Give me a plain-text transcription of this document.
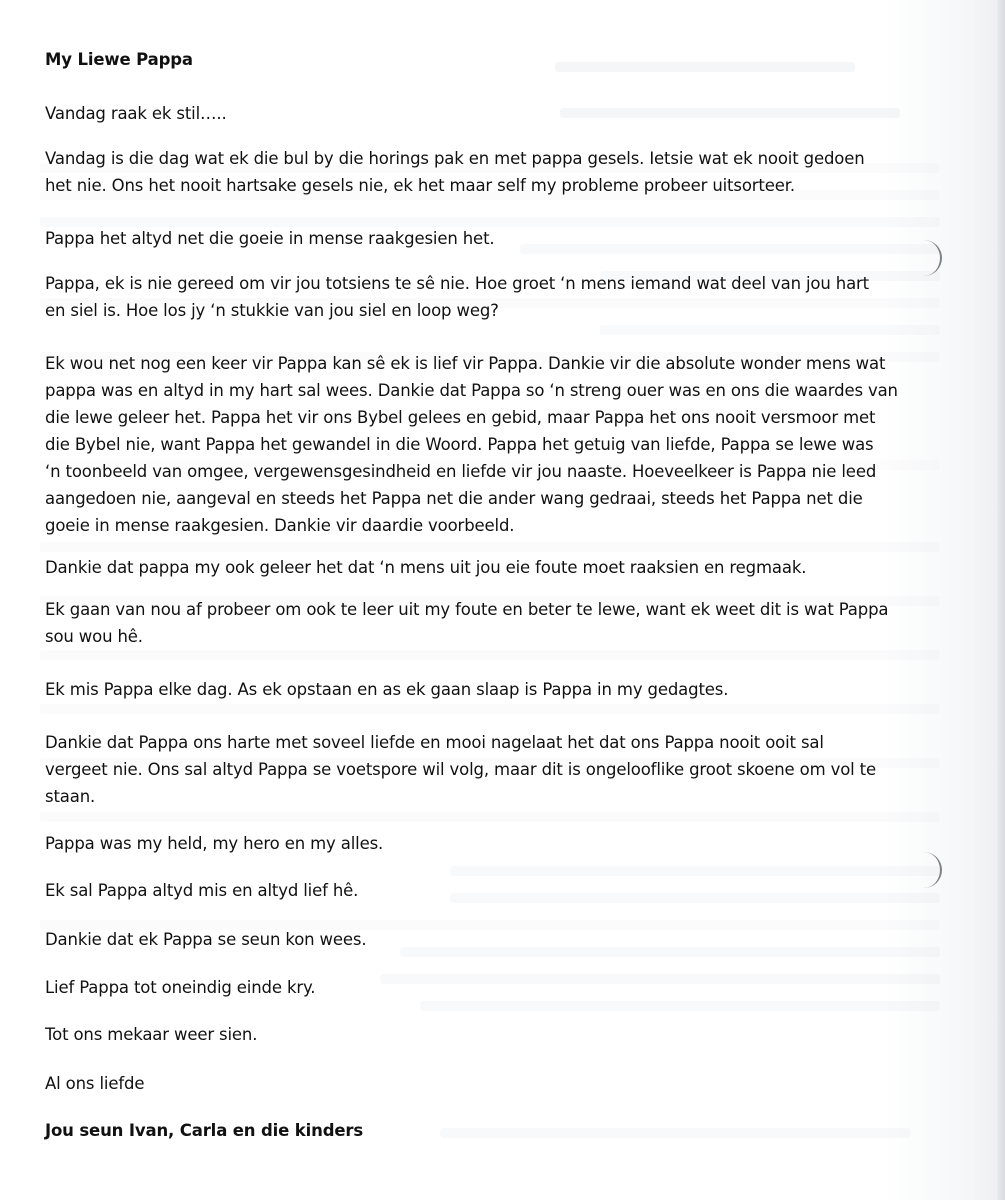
My Liewe Pappa
Vandag raak ek stil…..
Vandag is die dag wat ek die bul by die horings pak en met pappa gesels. Ietsie wat ek nooit gedoen
het nie. Ons het nooit hartsake gesels nie, ek het maar self my probleme probeer uitsorteer.
Pappa het altyd net die goeie in mense raakgesien het.
Pappa, ek is nie gereed om vir jou totsiens te sê nie. Hoe groet ‘n mens iemand wat deel van jou hart
en siel is. Hoe los jy ‘n stukkie van jou siel en loop weg?
Ek wou net nog een keer vir Pappa kan sê ek is lief vir Pappa. Dankie vir die absolute wonder mens wat
pappa was en altyd in my hart sal wees. Dankie dat Pappa so ‘n streng ouer was en ons die waardes van
die lewe geleer het. Pappa het vir ons Bybel gelees en gebid, maar Pappa het ons nooit versmoor met
die Bybel nie, want Pappa het gewandel in die Woord. Pappa het getuig van liefde, Pappa se lewe was
‘n toonbeeld van omgee, vergewensgesindheid en liefde vir jou naaste. Hoeveelkeer is Pappa nie leed
aangedoen nie, aangeval en steeds het Pappa net die ander wang gedraai, steeds het Pappa net die
goeie in mense raakgesien. Dankie vir daardie voorbeeld.
Dankie dat pappa my ook geleer het dat ‘n mens uit jou eie foute moet raaksien en regmaak.
Ek gaan van nou af probeer om ook te leer uit my foute en beter te lewe, want ek weet dit is wat Pappa
sou wou hê.
Ek mis Pappa elke dag. As ek opstaan en as ek gaan slaap is Pappa in my gedagtes.
Dankie dat Pappa ons harte met soveel liefde en mooi nagelaat het dat ons Pappa nooit ooit sal
vergeet nie. Ons sal altyd Pappa se voetspore wil volg, maar dit is ongelooflike groot skoene om vol te
staan.
Pappa was my held, my hero en my alles.
Ek sal Pappa altyd mis en altyd lief hê.
Dankie dat ek Pappa se seun kon wees.
Lief Pappa tot oneindig einde kry.
Tot ons mekaar weer sien.
Al ons liefde
Jou seun Ivan, Carla en die kinders
